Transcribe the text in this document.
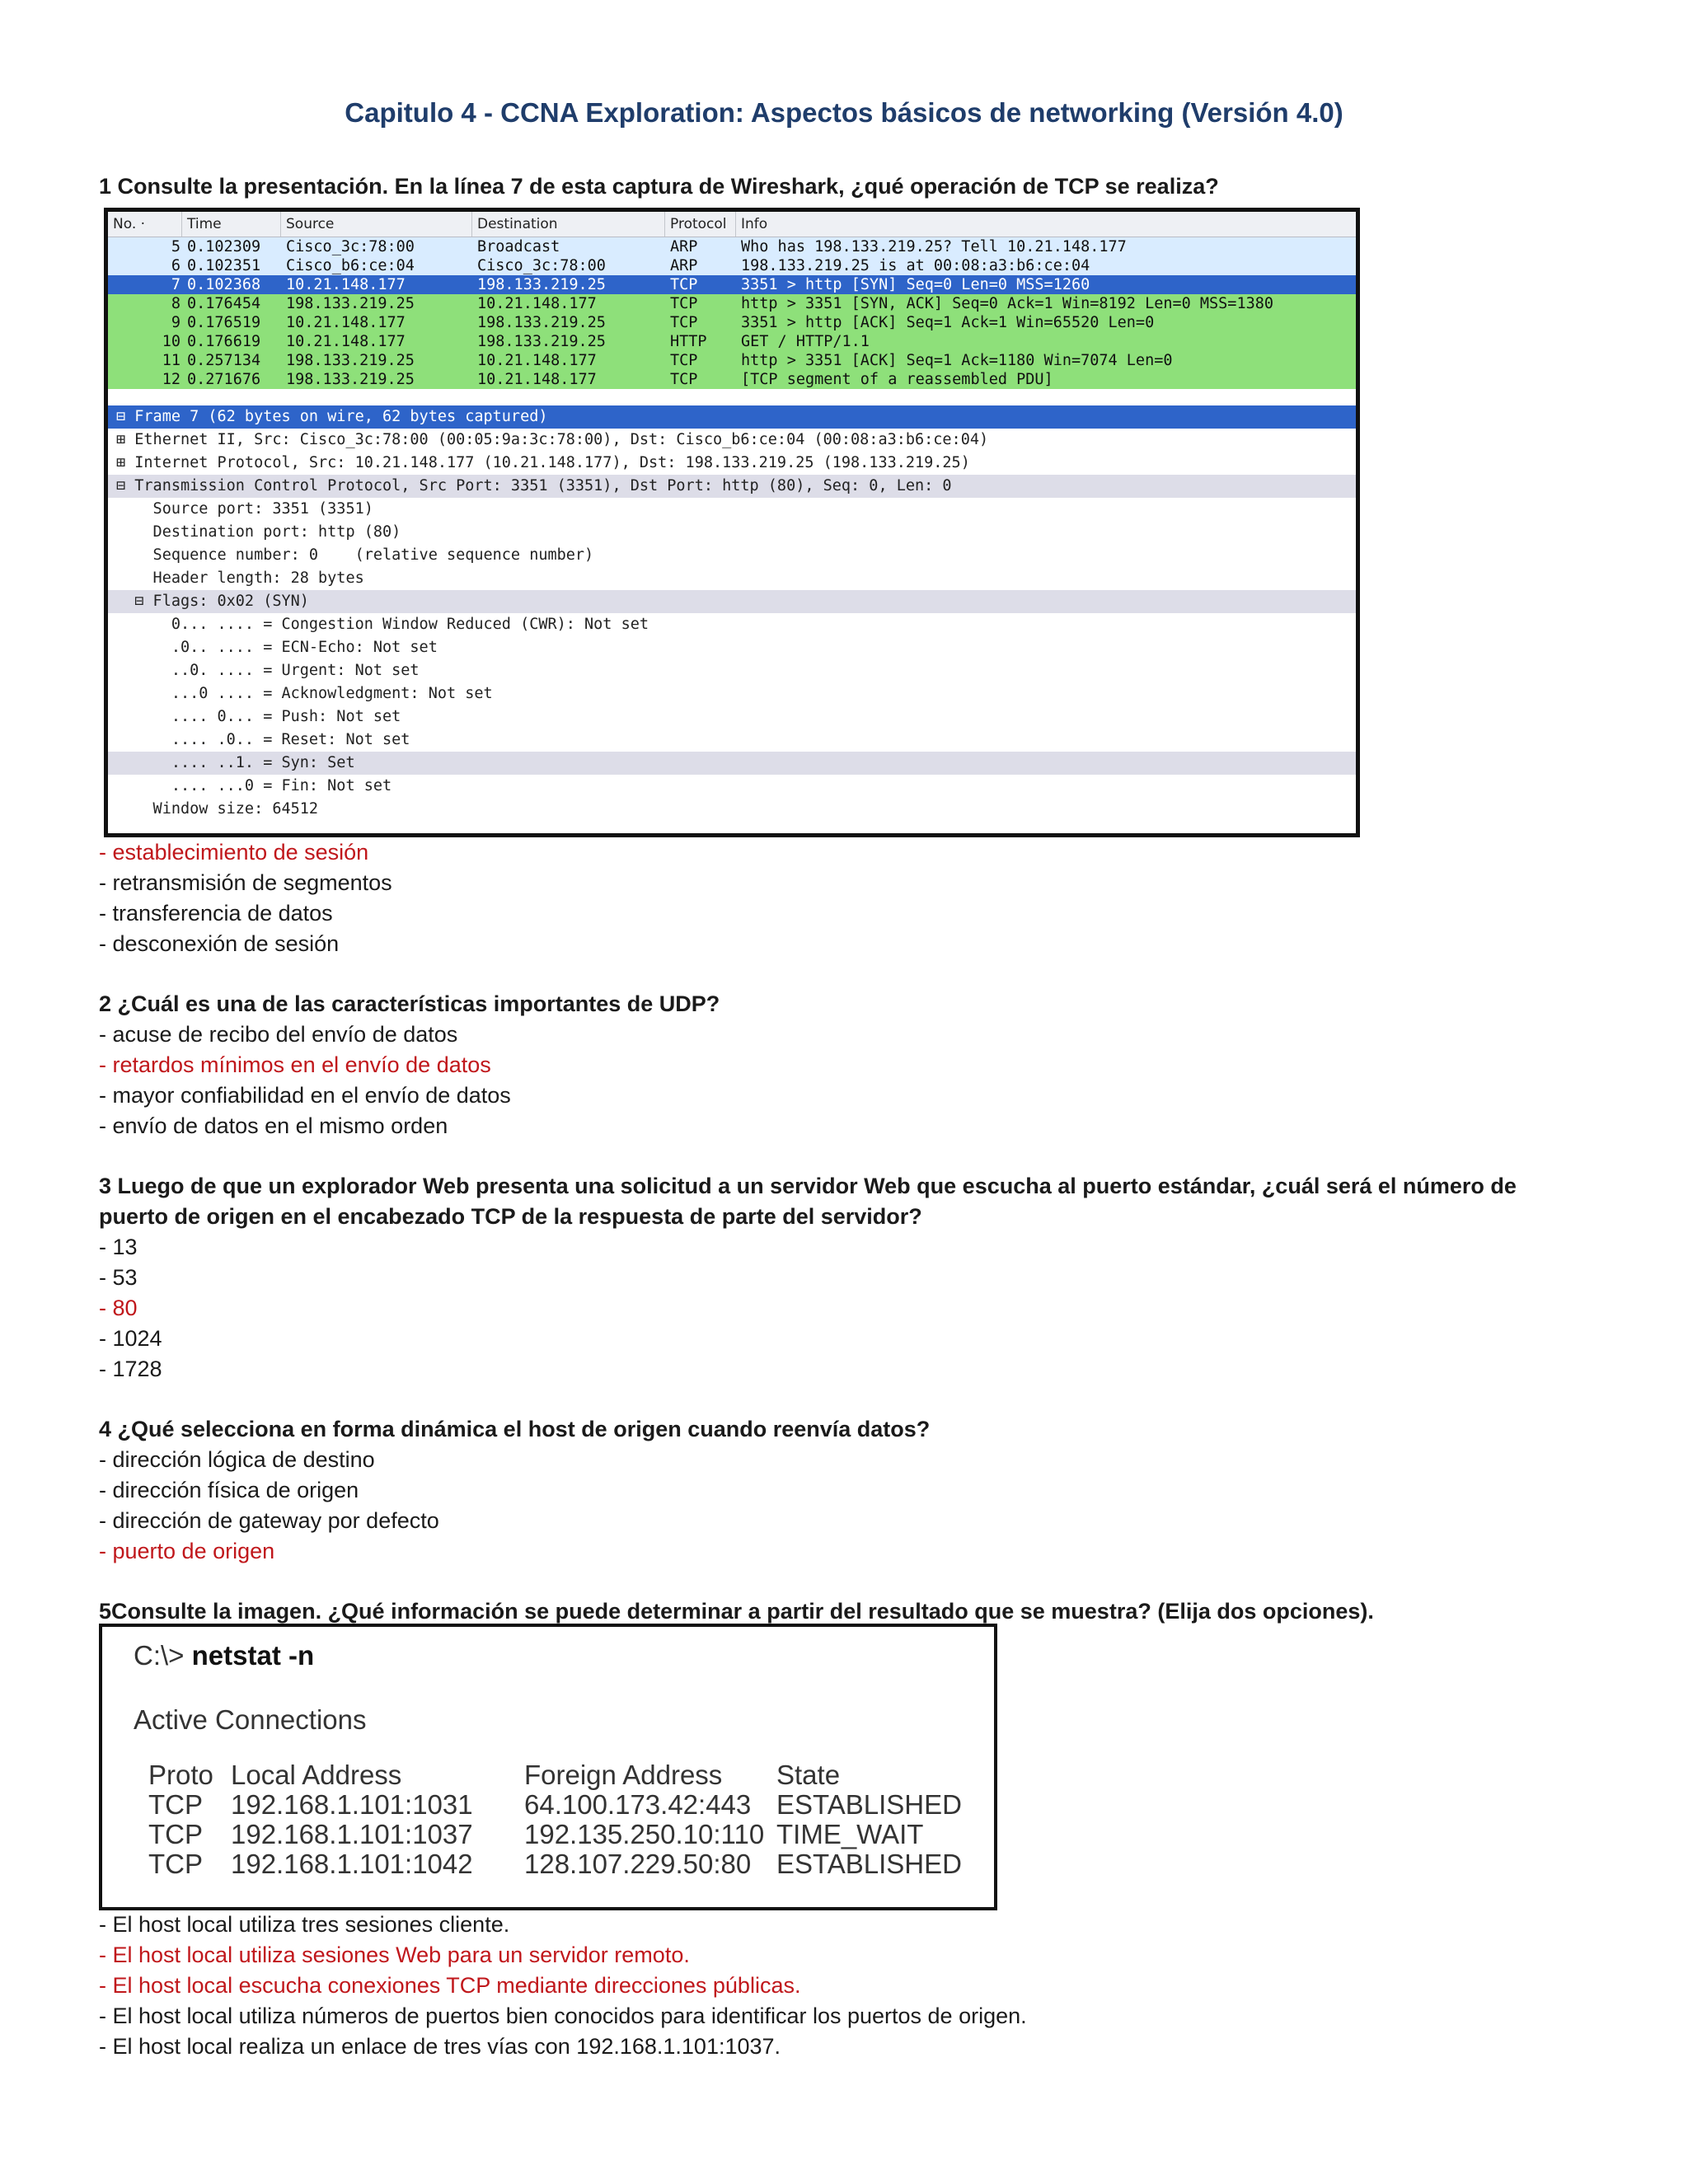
Capitulo 4 - CCNA Exploration: Aspectos básicos de networking (Versión 4.0)
1 Consulte la presentación. En la línea 7 de esta captura de Wireshark, ¿qué operación de TCP se realiza?
No. ·	Time	Source	Destination	Protocol	Info
5 0.102309	Cisco_3c:78:00	Broadcast	ARP	Who has 198.133.219.25? Tell 10.21.148.177
6 0.102351	Cisco_b6:ce:04	Cisco_3c:78:00	ARP	198.133.219.25 is at 00:08:a3:b6:ce:04
7 0.102368	10.21.148.177	198.133.219.25	TCP	3351 > http [SYN] Seq=0 Len=0 MSS=1260
8 0.176454	198.133.219.25	10.21.148.177	TCP	http > 3351 [SYN, ACK] Seq=0 Ack=1 Win=8192 Len=0 MSS=1380
9 0.176519	10.21.148.177	198.133.219.25	TCP	3351 > http [ACK] Seq=1 Ack=1 Win=65520 Len=0
10 0.176619	10.21.148.177	198.133.219.25	HTTP	GET / HTTP/1.1
11 0.257134	198.133.219.25	10.21.148.177	TCP	http > 3351 [ACK] Seq=1 Ack=1180 Win=7074 Len=0
12 0.271676	198.133.219.25	10.21.148.177	TCP	[TCP segment of a reassembled PDU]
⊟ Frame 7 (62 bytes on wire, 62 bytes captured)
⊞ Ethernet II, Src: Cisco_3c:78:00 (00:05:9a:3c:78:00), Dst: Cisco_b6:ce:04 (00:08:a3:b6:ce:04)
⊞ Internet Protocol, Src: 10.21.148.177 (10.21.148.177), Dst: 198.133.219.25 (198.133.219.25)
⊟ Transmission Control Protocol, Src Port: 3351 (3351), Dst Port: http (80), Seq: 0, Len: 0
Source port: 3351 (3351)
Destination port: http (80)
Sequence number: 0    (relative sequence number)
Header length: 28 bytes
⊟ Flags: 0x02 (SYN)
0... .... = Congestion Window Reduced (CWR): Not set
.0.. .... = ECN-Echo: Not set
..0. .... = Urgent: Not set
...0 .... = Acknowledgment: Not set
.... 0... = Push: Not set
.... .0.. = Reset: Not set
.... ..1. = Syn: Set
.... ...0 = Fin: Not set
Window size: 64512
- establecimiento de sesión
- retransmisión de segmentos
- transferencia de datos
- desconexión de sesión
2 ¿Cuál es una de las características importantes de UDP?
- acuse de recibo del envío de datos
- retardos mínimos en el envío de datos
- mayor confiabilidad en el envío de datos
- envío de datos en el mismo orden
3 Luego de que un explorador Web presenta una solicitud a un servidor Web que escucha al puerto estándar, ¿cuál será el número de puerto de origen en el encabezado TCP de la respuesta de parte del servidor?
- 13
- 53
- 80
- 1024
- 1728
4 ¿Qué selecciona en forma dinámica el host de origen cuando reenvía datos?
- dirección lógica de destino
- dirección física de origen
- dirección de gateway por defecto
- puerto de origen
5Consulte la imagen. ¿Qué información se puede determinar a partir del resultado que se muestra? (Elija dos opciones).
C:\> netstat -n
Active Connections
Proto Local Address	Foreign Address	State
TCP	192.168.1.101:1031	64.100.173.42:443 ESTABLISHED
TCP	192.168.1.101:1037	192.135.250.10:110 TIME_WAIT
TCP	192.168.1.101:1042	128.107.229.50:80 ESTABLISHED
- El host local utiliza tres sesiones cliente.
- El host local utiliza sesiones Web para un servidor remoto.
- El host local escucha conexiones TCP mediante direcciones públicas.
- El host local utiliza números de puertos bien conocidos para identificar los puertos de origen.
- El host local realiza un enlace de tres vías con 192.168.1.101:1037.
